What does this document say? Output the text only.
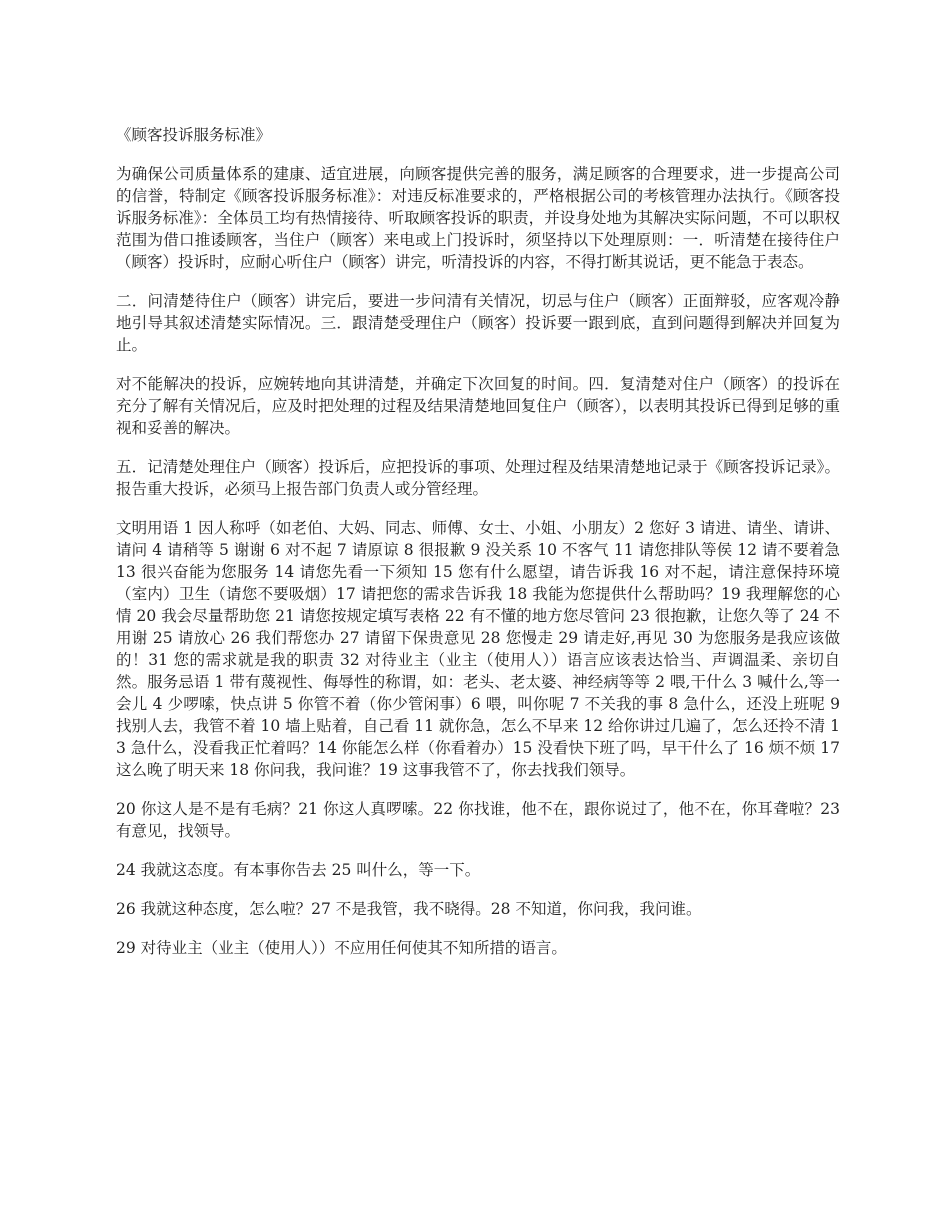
《顾客投诉服务标准》

为确保公司质量体系的建康、适宜进展，向顾客提供完善的服务，满足顾客的合理要求，进一步提高公司的信誉，特制定《顾客投诉服务标准》：对违反标准要求的，严格根据公司的考核管理办法执行。《顾客投诉服务标准》：全体员工均有热情接待、听取顾客投诉的职责，并设身处地为其解决实际问题，不可以职权范围为借口推诿顾客，当住户（顾客）来电或上门投诉时，须坚持以下处理原则：一．听清楚在接待住户（顾客）投诉时，应耐心听住户（顾客）讲完，听清投诉的内容，不得打断其说话，更不能急于表态。

二．问清楚待住户（顾客）讲完后，要进一步问清有关情况，切忌与住户（顾客）正面辩驳，应客观冷静地引导其叙述清楚实际情况。三．跟清楚受理住户（顾客）投诉要一跟到底，直到问题得到解决并回复为止。

对不能解决的投诉，应婉转地向其讲清楚，并确定下次回复的时间。四．复清楚对住户（顾客）的投诉在充分了解有关情况后，应及时把处理的过程及结果清楚地回复住户（顾客），以表明其投诉已得到足够的重视和妥善的解决。

五．记清楚处理住户（顾客）投诉后，应把投诉的事项、处理过程及结果清楚地记录于《顾客投诉记录》。报告重大投诉，必须马上报告部门负责人或分管经理。

文明用语 1 因人称呼（如老伯、大妈、同志、师傅、女士、小姐、小朋友）2 您好 3 请进、请坐、请讲、请问 4 请稍等 5 谢谢 6 对不起 7 请原谅 8 很报歉 9 没关系 10 不客气 11 请您排队等侯 12 请不要着急 13 很兴奋能为您服务 14 请您先看一下须知 15 您有什么愿望，请告诉我 16 对不起，请注意保持环境（室内）卫生（请您不要吸烟）17 请把您的需求告诉我 18 我能为您提供什么帮助吗？19 我理解您的心情 20 我会尽量帮助您 21 请您按规定填写表格 22 有不懂的地方您尽管问 23 很抱歉，让您久等了 24 不用谢 25 请放心 26 我们帮您办 27 请留下保贵意见 28 您慢走 29 请走好,再见 30 为您服务是我应该做的！31 您的需求就是我的职责 32 对待业主（业主（使用人））语言应该表达恰当、声调温柔、亲切自然。服务忌语 1 带有蔑视性、侮辱性的称谓，如：老头、老太婆、神经病等等 2 喂,干什么 3 喊什么,等一会儿 4 少啰嗦，快点讲 5 你管不着（你少管闲事）6 喂，叫你呢 7 不关我的事 8 急什么，还没上班呢 9 找别人去，我管不着 10 墙上贴着，自己看 11 就你急，怎么不早来 12 给你讲过几遍了，怎么还拎不清 13 急什么，没看我正忙着吗？14 你能怎么样（你看着办）15 没看快下班了吗，早干什么了 16 烦不烦 17 这么晚了明天来 18 你问我，我问谁？19 这事我管不了，你去找我们领导。

20 你这人是不是有毛病？21 你这人真啰嗦。22 你找谁，他不在，跟你说过了，他不在，你耳聋啦？23 有意见，找领导。

24 我就这态度。有本事你告去 25 叫什么，等一下。

26 我就这种态度，怎么啦？27 不是我管，我不晓得。28 不知道，你问我，我问谁。

29 对待业主（业主（使用人））不应用任何使其不知所措的语言。
